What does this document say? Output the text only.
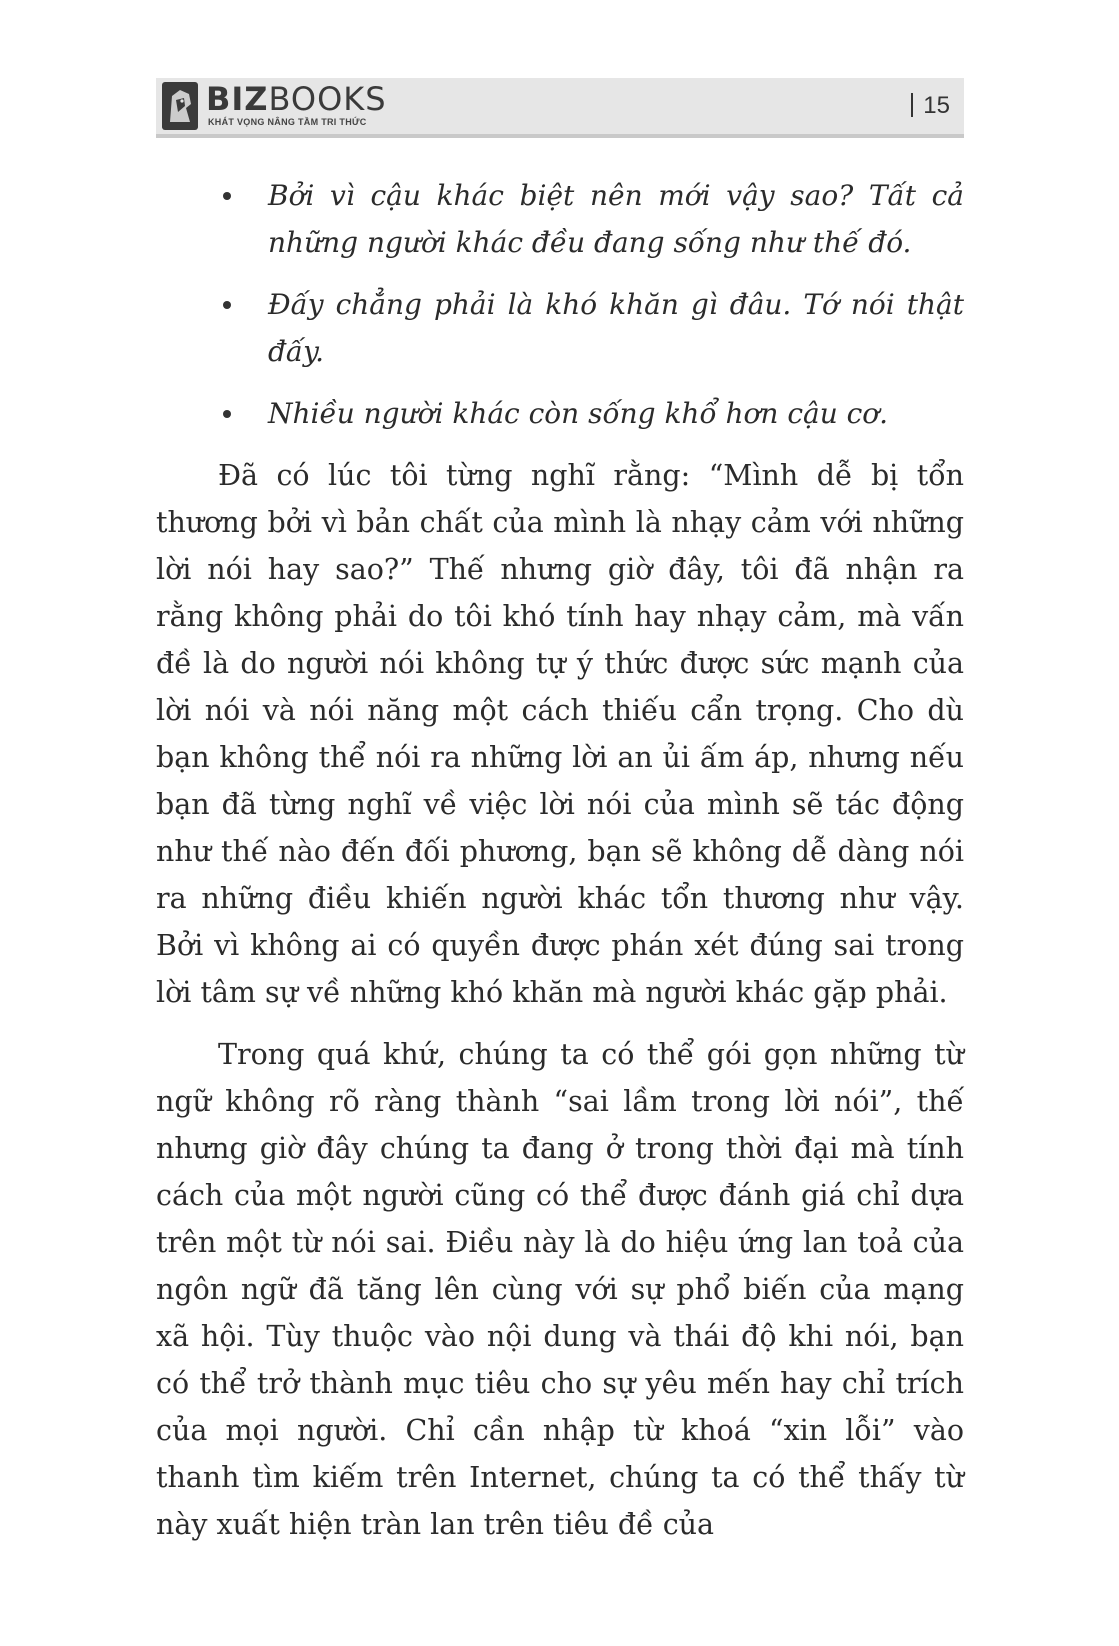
BIZBOOKS
KHÁT VỌNG NÂNG TẦM TRI THỨC
15
Bởi vì cậu khác biệt nên mới vậy sao? Tất cả những người khác đều đang sống như thế đó.
Đấy chẳng phải là khó khăn gì đâu. Tớ nói thật đấy.
Nhiều người khác còn sống khổ hơn cậu cơ.

Đã có lúc tôi từng nghĩ rằng: “Mình dễ bị tổn thương bởi vì bản chất của mình là nhạy cảm với những lời nói hay sao?” Thế nhưng giờ đây, tôi đã nhận ra rằng không phải do tôi khó tính hay nhạy cảm, mà vấn đề là do người nói không tự ý thức được sức mạnh của lời nói và nói năng một cách thiếu cẩn trọng. Cho dù bạn không thể nói ra những lời an ủi ấm áp, nhưng nếu bạn đã từng nghĩ về việc lời nói của mình sẽ tác động như thế nào đến đối phương, bạn sẽ không dễ dàng nói ra những điều khiến người khác tổn thương như vậy. Bởi vì không ai có quyền được phán xét đúng sai trong lời tâm sự về những khó khăn mà người khác gặp phải.

Trong quá khứ, chúng ta có thể gói gọn những từ ngữ không rõ ràng thành “sai lầm trong lời nói”, thế nhưng giờ đây chúng ta đang ở trong thời đại mà tính cách của một người cũng có thể được đánh giá chỉ dựa trên một từ nói sai. Điều này là do hiệu ứng lan toả của ngôn ngữ đã tăng lên cùng với sự phổ biến của mạng xã hội. Tùy thuộc vào nội dung và thái độ khi nói, bạn có thể trở thành mục tiêu cho sự yêu mến hay chỉ trích của mọi người. Chỉ cần nhập từ khoá “xin lỗi” vào thanh tìm kiếm trên Internet, chúng ta có thể thấy từ này xuất hiện tràn lan trên tiêu đề của
